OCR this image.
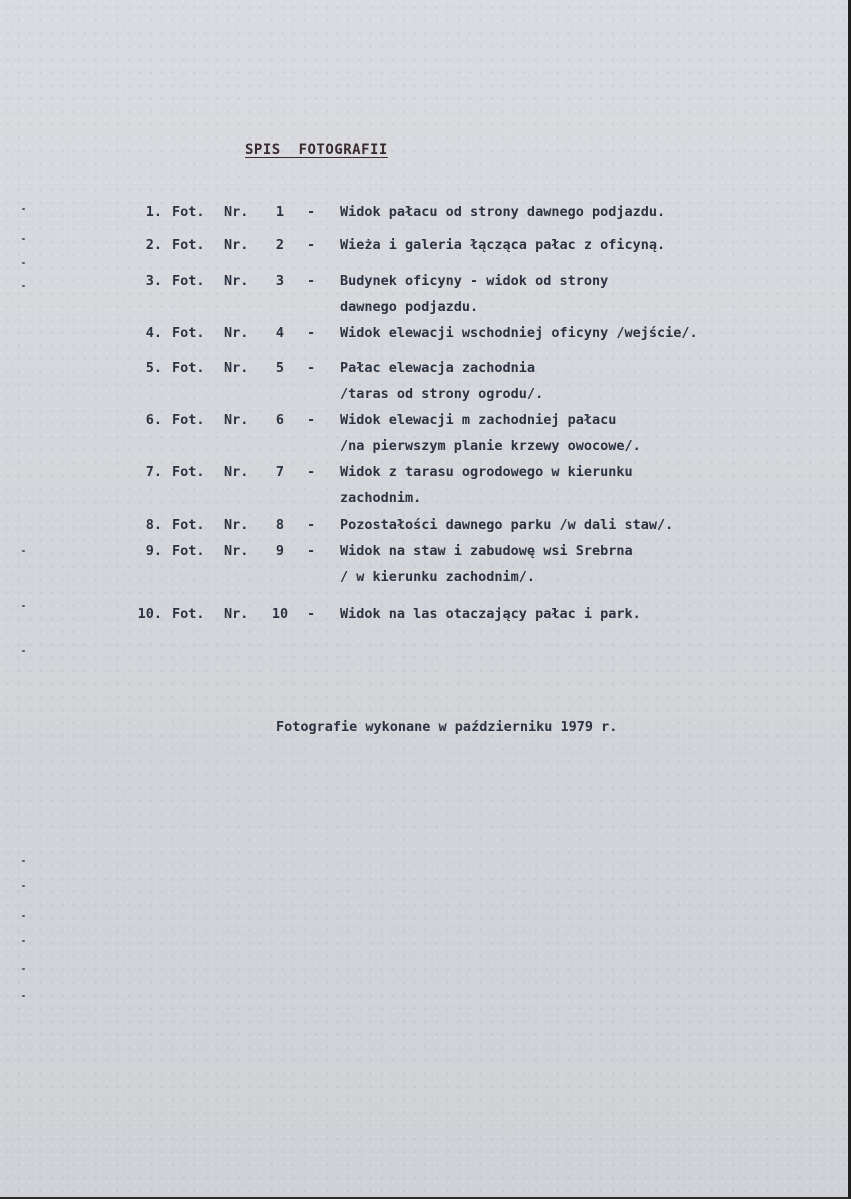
SPIS  FOTOGRAFII
1. Fot. Nr.	1	- Widok pałacu od strony dawnego podjazdu.
2. Fot. Nr.	2	- Wieża i galeria łącząca pałac z oficyną.
3. Fot. Nr.	3	- Budynek oficyny - widok od strony
dawnego podjazdu.
4. Fot. Nr.	4	- Widok elewacji wschodniej oficyny /wejście/.
5. Fot. Nr.	5	- Pałac elewacja zachodnia
/taras od strony ogrodu/.
6. Fot. Nr.	6	- Widok elewacji m zachodniej pałacu
/na pierwszym planie krzewy owocowe/.
7. Fot. Nr.	7	- Widok z tarasu ogrodowego w kierunku
zachodnim.
8. Fot. Nr.	8	- Pozostałości dawnego parku /w dali staw/.
9. Fot. Nr.	9	- Widok na staw i zabudowę wsi Srebrna
/ w kierunku zachodnim/.
10. Fot. Nr. 10 - Widok na las otaczający pałac i park.
Fotografie wykonane w październiku 1979 r.
